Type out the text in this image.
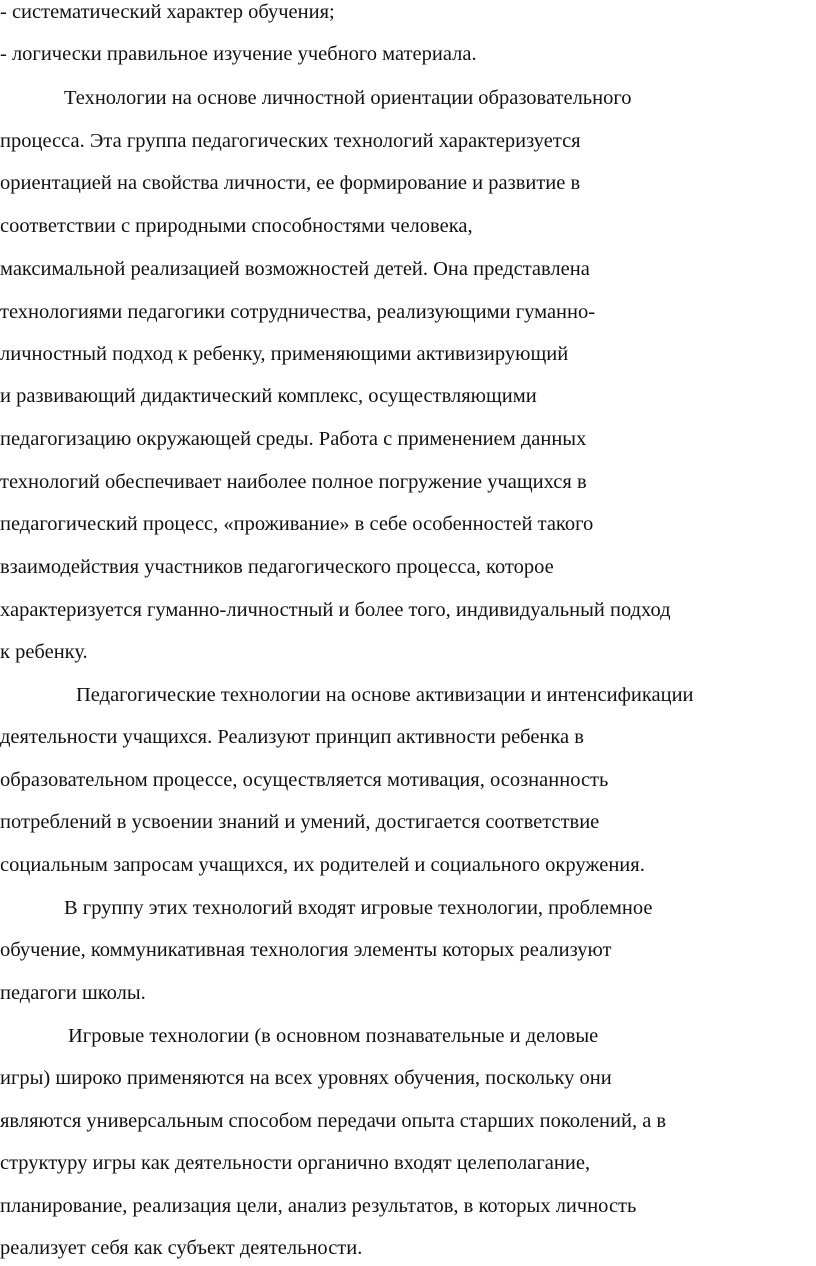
- систематический характер обучения;
- логически правильное изучение учебного материала.
Технологии на основе личностной ориентации образовательного
процесса. Эта группа педагогических технологий характеризуется
ориентацией на свойства личности, ее формирование и развитие в
соответствии с природными способностями человека,
максимальной реализацией возможностей детей. Она представлена
технологиями педагогики сотрудничества, реализующими гуманно-
личностный подход к ребенку, применяющими активизирующий
и развивающий дидактический комплекс, осуществляющими
педагогизацию окружающей среды. Работа с применением данных
технологий обеспечивает наиболее полное погружение учащихся в
педагогический процесс, «проживание» в себе особенностей такого
взаимодействия участников педагогического процесса, которое
характеризуется гуманно-личностный и более того, индивидуальный подход
к ребенку.
Педагогические технологии на основе активизации и интенсификации
деятельности учащихся. Реализуют принцип активности ребенка в
образовательном процессе, осуществляется мотивация, осознанность
потреблений в усвоении знаний и умений, достигается соответствие
социальным запросам учащихся, их родителей и социального окружения.
В группу этих технологий входят игровые технологии, проблемное
обучение, коммуникативная технология элементы которых реализуют
педагоги школы.
Игровые технологии (в основном познавательные и деловые
игры) широко применяются на всех уровнях обучения, поскольку они
являются универсальным способом передачи опыта старших поколений, а в
структуру игры как деятельности органично входят целеполагание,
планирование, реализация цели, анализ результатов, в которых личность
реализует себя как субъект деятельности.
